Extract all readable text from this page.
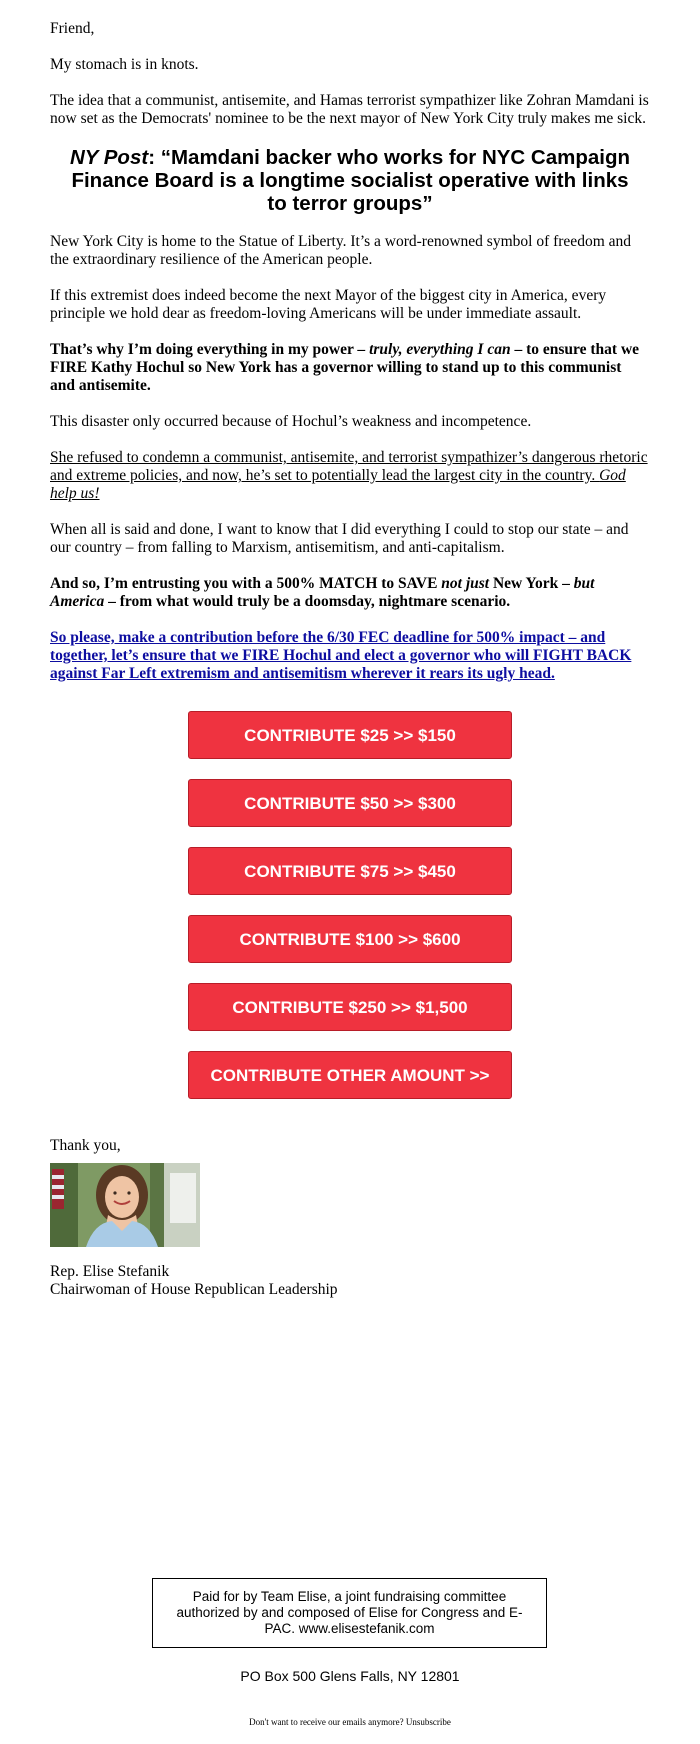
Friend,

My stomach is in knots.

The idea that a communist, antisemite, and Hamas terrorist sympathizer like Zohran Mamdani is now set as the Democrats' nominee to be the next mayor of New York City truly makes me sick.

NY Post: “Mamdani backer who works for NYC Campaign Finance Board is a longtime socialist operative with links to terror groups”

New York City is home to the Statue of Liberty. It’s a word-renowned symbol of freedom and the extraordinary resilience of the American people.

If this extremist does indeed become the next Mayor of the biggest city in America, every principle we hold dear as freedom-loving Americans will be under immediate assault.

That’s why I’m doing everything in my power – truly, everything I can – to ensure that we FIRE Kathy Hochul so New York has a governor willing to stand up to this communist and antisemite.

This disaster only occurred because of Hochul’s weakness and incompetence.

She refused to condemn a communist, antisemite, and terrorist sympathizer’s dangerous rhetoric and extreme policies, and now, he’s set to potentially lead the largest city in the country. God help us!

When all is said and done, I want to know that I did everything I could to stop our state – and our country – from falling to Marxism, antisemitism, and anti-capitalism.

And so, I’m entrusting you with a 500% MATCH to SAVE not just New York – but America – from what would truly be a doomsday, nightmare scenario.

So please, make a contribution before the 6/30 FEC deadline for 500% impact – and together, let’s ensure that we FIRE Hochul and elect a governor who will FIGHT BACK against Far Left extremism and antisemitism wherever it rears its ugly head.

CONTRIBUTE $25 >> $150
CONTRIBUTE $50 >> $300
CONTRIBUTE $75 >> $450
CONTRIBUTE $100 >> $600
CONTRIBUTE $250 >> $1,500
CONTRIBUTE OTHER AMOUNT >>

Thank you,

Rep. Elise Stefanik

Chairwoman of House Republican Leadership

Paid for by Team Elise, a joint fundraising committee authorized by and composed of Elise for Congress and E-PAC. www.elisestefanik.com
PO Box 500 Glens Falls, NY 12801
Don't want to receive our emails anymore? Unsubscribe
